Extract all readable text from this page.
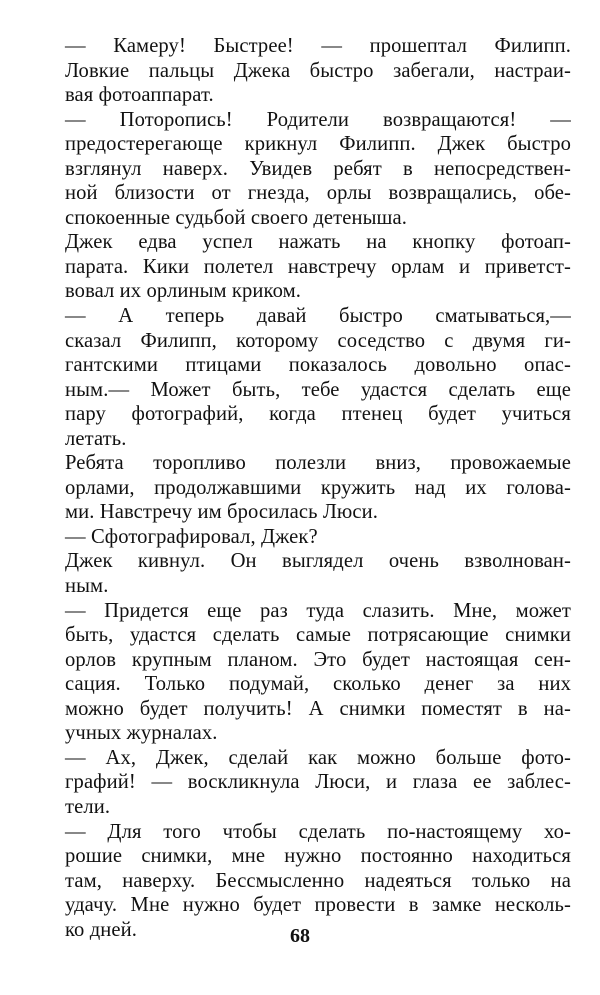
— Камеру! Быстрее! — прошептал Филипп.
Ловкие пальцы Джека быстро забегали, настраи-
вая фотоаппарат.
— Поторопись! Родители возвращаются! —
предостерегающе крикнул Филипп. Джек быстро
взглянул наверх. Увидев ребят в непосредствен-
ной близости от гнезда, орлы возвращались, обе-
спокоенные судьбой своего детеныша.
Джек едва успел нажать на кнопку фотоап-
парата. Кики полетел навстречу орлам и приветст-
вовал их орлиным криком.
— А теперь давай быстро сматываться,—
сказал Филипп, которому соседство с двумя ги-
гантскими птицами показалось довольно опас-
ным.— Может быть, тебе удастся сделать еще
пару фотографий, когда птенец будет учиться
летать.
Ребята торопливо полезли вниз, провожаемые
орлами, продолжавшими кружить над их голова-
ми. Навстречу им бросилась Люси.
— Сфотографировал, Джек?
Джек кивнул. Он выглядел очень взволнован-
ным.
— Придется еще раз туда слазить. Мне, может
быть, удастся сделать самые потрясающие снимки
орлов крупным планом. Это будет настоящая сен-
сация. Только подумай, сколько денег за них
можно будет получить! А снимки поместят в на-
учных журналах.
— Ах, Джек, сделай как можно больше фото-
графий! — воскликнула Люси, и глаза ее заблес-
тели.
— Для того чтобы сделать по-настоящему хо-
рошие снимки, мне нужно постоянно находиться
там, наверху. Бессмысленно надеяться только на
удачу. Мне нужно будет провести в замке несколь-
ко дней.	68
